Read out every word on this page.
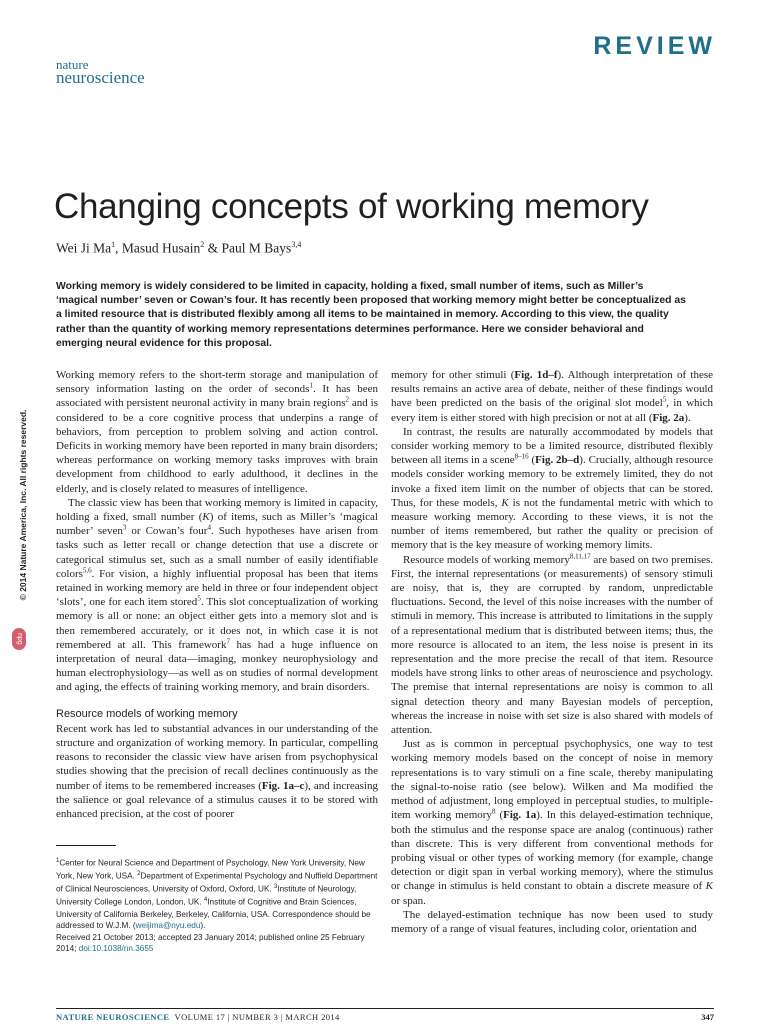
REVIEW
nature
neuroscience
© 2014 Nature America, Inc. All rights reserved.
npg
Changing concepts of working memory
Wei Ji Ma$^1$, Masud Husain$^2$ & Paul M Bays$^{3,4}$
Working memory is widely considered to be limited in capacity, holding a fixed, small number of items, such as Miller’s ‘magical number’ seven or Cowan’s four. It has recently been proposed that working memory might better be conceptualized as a limited resource that is distributed flexibly among all items to be maintained in memory. According to this view, the quality rather than the quantity of working memory representations determines performance. Here we consider behavioral and emerging neural evidence for this proposal.

Working memory refers to the short-term storage and manipulation of sensory information lasting on the order of seconds$^1$. It has been associated with persistent neuronal activity in many brain regions$^2$ and is considered to be a core cognitive process that underpins a range of behaviors, from perception to problem solving and action control. Deficits in working memory have been reported in many brain disorders; whereas performance on working memory tasks improves with brain development from childhood to early adulthood, it declines in the elderly, and is closely related to measures of intelligence.

The classic view has been that working memory is limited in capacity, holding a fixed, small number (K) of items, such as Miller’s ‘magical number’ seven$^3$ or Cowan’s four$^4$. Such hypotheses have arisen from tasks such as letter recall or change detection that use a discrete or categorical stimulus set, such as a small number of easily identifiable colors$^{5,6}$. For vision, a highly influential proposal has been that items retained in working memory are held in three or four independent object ‘slots’, one for each item stored$^5$. This slot conceptualization of working memory is all or none: an object either gets into a memory slot and is then remembered accurately, or it does not, in which case it is not remembered at all. This framework$^7$ has had a huge influence on interpretation of neural data—imaging, monkey neurophysiology and human electrophysiology—as well as on studies of normal development and aging, the effects of training working memory, and brain disorders.

Resource models of working memory

Recent work has led to substantial advances in our understanding of the structure and organization of working memory. In particular, compelling reasons to reconsider the classic view have arisen from psychophysical studies showing that the precision of recall declines continuously as the number of items to be remembered increases (Fig. 1a–c), and increasing the salience or goal relevance of a stimulus causes it to be stored with enhanced precision, at the cost of poorer

memory for other stimuli (Fig. 1d–f). Although interpretation of these results remains an active area of debate, neither of these findings would have been predicted on the basis of the original slot model$^5$, in which every item is either stored with high precision or not at all (Fig. 2a).

In contrast, the results are naturally accommodated by models that consider working memory to be a limited resource, distributed flexibly between all items in a scene$^{8-16}$ (Fig. 2b–d). Crucially, although resource models consider working memory to be extremely limited, they do not invoke a fixed item limit on the number of objects that can be stored. Thus, for these models, K is not the fundamental metric with which to measure working memory. According to these views, it is not the number of items remembered, but rather the quality or precision of memory that is the key measure of working memory limits.

Resource models of working memory$^{8,11,17}$ are based on two premises. First, the internal representations (or measurements) of sensory stimuli are noisy, that is, they are corrupted by random, unpredictable fluctuations. Second, the level of this noise increases with the number of stimuli in memory. This increase is attributed to limitations in the supply of a representational medium that is distributed between items; thus, the more resource is allocated to an item, the less noise is present in its representation and the more precise the recall of that item. Resource models have strong links to other areas of neuroscience and psychology. The premise that internal representations are noisy is common to all signal detection theory and many Bayesian models of perception, whereas the increase in noise with set size is also shared with models of attention.

Just as is common in perceptual psychophysics, one way to test working memory models based on the concept of noise in memory representations is to vary stimuli on a fine scale, thereby manipulating the signal-to-noise ratio (see below). Wilken and Ma modified the method of adjustment, long employed in perceptual studies, to multiple-item working memory$^8$ (Fig. 1a). In this delayed-estimation technique, both the stimulus and the response space are analog (continuous) rather than discrete. This is very different from conventional methods for probing visual or other types of working memory (for example, change detection or digit span in verbal working memory), where the stimulus or change in stimulus is held constant to obtain a discrete measure of K or span.

The delayed-estimation technique has now been used to study memory of a range of visual features, including color, orientation and

$^1$Center for Neural Science and Department of Psychology, New York University, New York, New York, USA. $^2$Department of Experimental Psychology and Nuffield Department of Clinical Neurosciences, University of Oxford, Oxford, UK. $^3$Institute of Neurology, University College London, London, UK. $^4$Institute of Cognitive and Brain Sciences, University of California Berkeley, Berkeley, California, USA. Correspondence should be addressed to W.J.M. (weijima@nyu.edu).
Received 21 October 2013; accepted 23 January 2014; published online 25 February 2014; doi:10.1038/nn.3655
NATURE NEUROSCIENCE VOLUME 17 | NUMBER 3 | MARCH 2014	347
